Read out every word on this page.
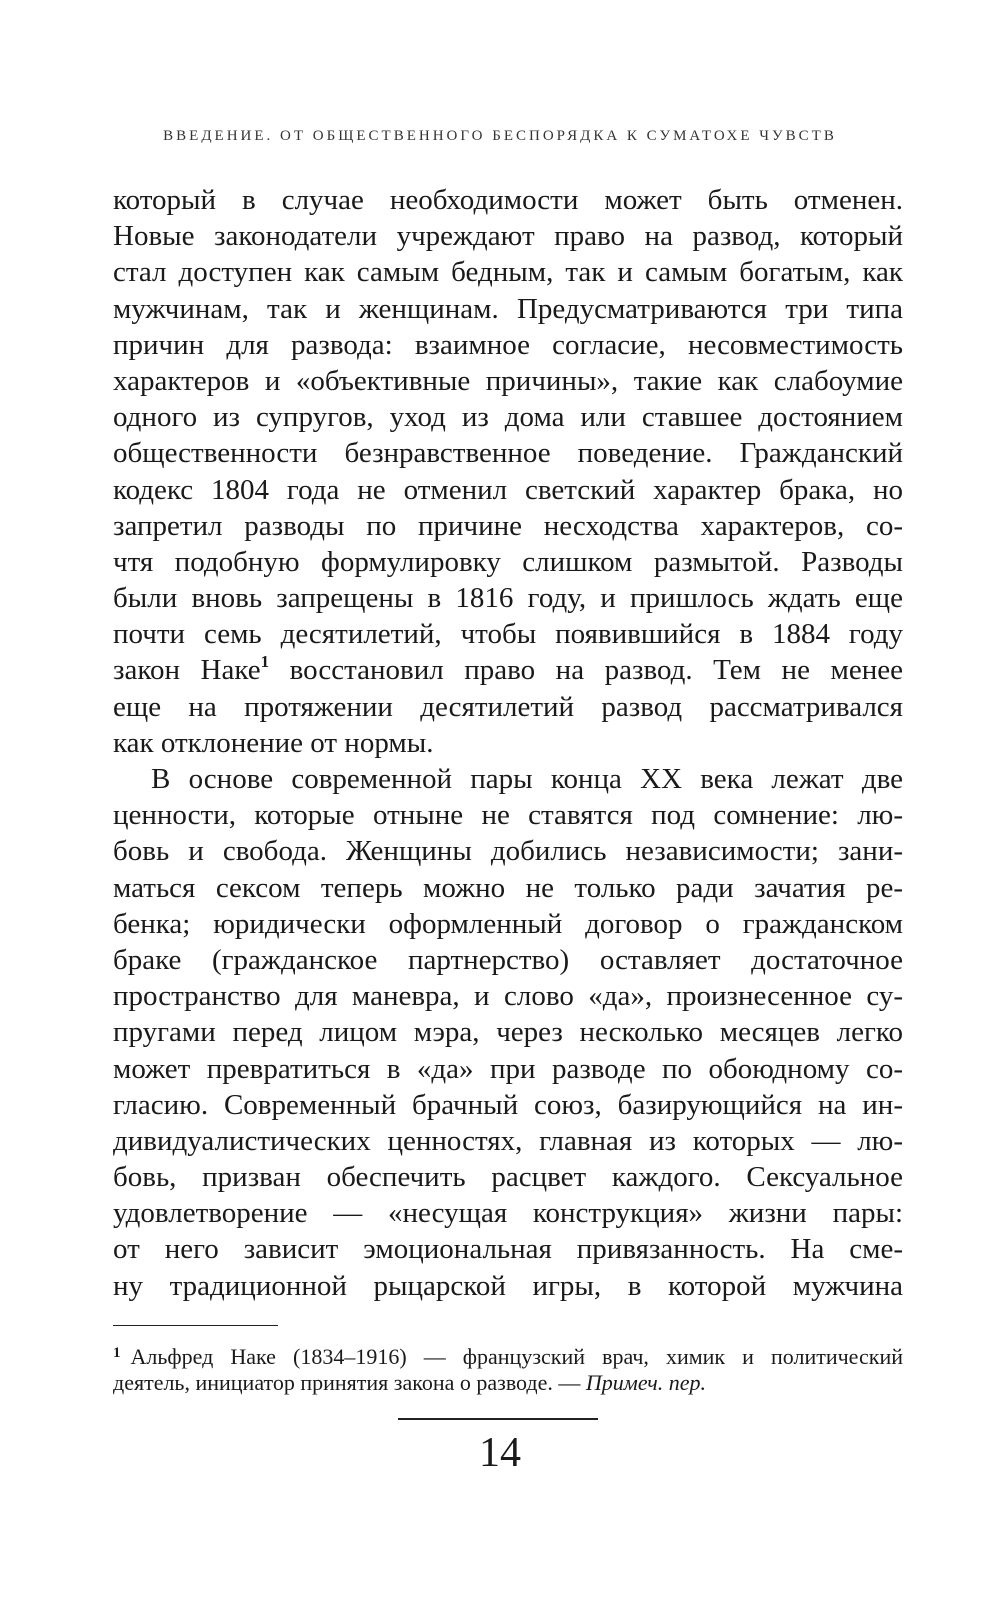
ВВЕДЕНИЕ. ОТ ОБЩЕСТВЕННОГО БЕСПОРЯДКА К СУМАТОХЕ ЧУВСТВ
который в случае необходимости может быть отменен.
Новые законодатели учреждают право на развод, который
стал доступен как самым бедным, так и самым богатым, как
мужчинам, так и женщинам. Предусматриваются три типа
причин для развода: взаимное согласие, несовместимость
характеров и «объективные причины», такие как слабоумие
одного из супругов, уход из дома или ставшее достоянием
общественности безнравственное поведение. Гражданский
кодекс 1804 года не отменил светский характер брака, но
запретил разводы по причине несходства характеров, со-
чтя подобную формулировку слишком размытой. Разводы
были вновь запрещены в 1816 году, и пришлось ждать еще
почти семь десятилетий, чтобы появившийся в 1884 году
закон Наке$^1$ восстановил право на развод. Тем не менее
еще на протяжении десятилетий развод рассматривался
как отклонение от нормы.
В основе современной пары конца XX века лежат две
ценности, которые отныне не ставятся под сомнение: лю-
бовь и свобода. Женщины добились независимости; зани-
маться сексом теперь можно не только ради зачатия ре-
бенка; юридически оформленный договор о гражданском
браке (гражданское партнерство) оставляет достаточное
пространство для маневра, и слово «да», произнесенное су-
пругами перед лицом мэра, через несколько месяцев легко
может превратиться в «да» при разводе по обоюдному со-
гласию. Современный брачный союз, базирующийся на ин-
дивидуалистических ценностях, главная из которых — лю-
бовь, призван обеспечить расцвет каждого. Сексуальное
удовлетворение — «несущая конструкция» жизни пары:
от него зависит эмоциональная привязанность. На сме-
ну традиционной рыцарской игры, в которой мужчина
$^1$ Альфред Наке (1834–1916) — французский врач, химик и политический
деятель, инициатор принятия закона о разводе. — Примеч. пер.
14
